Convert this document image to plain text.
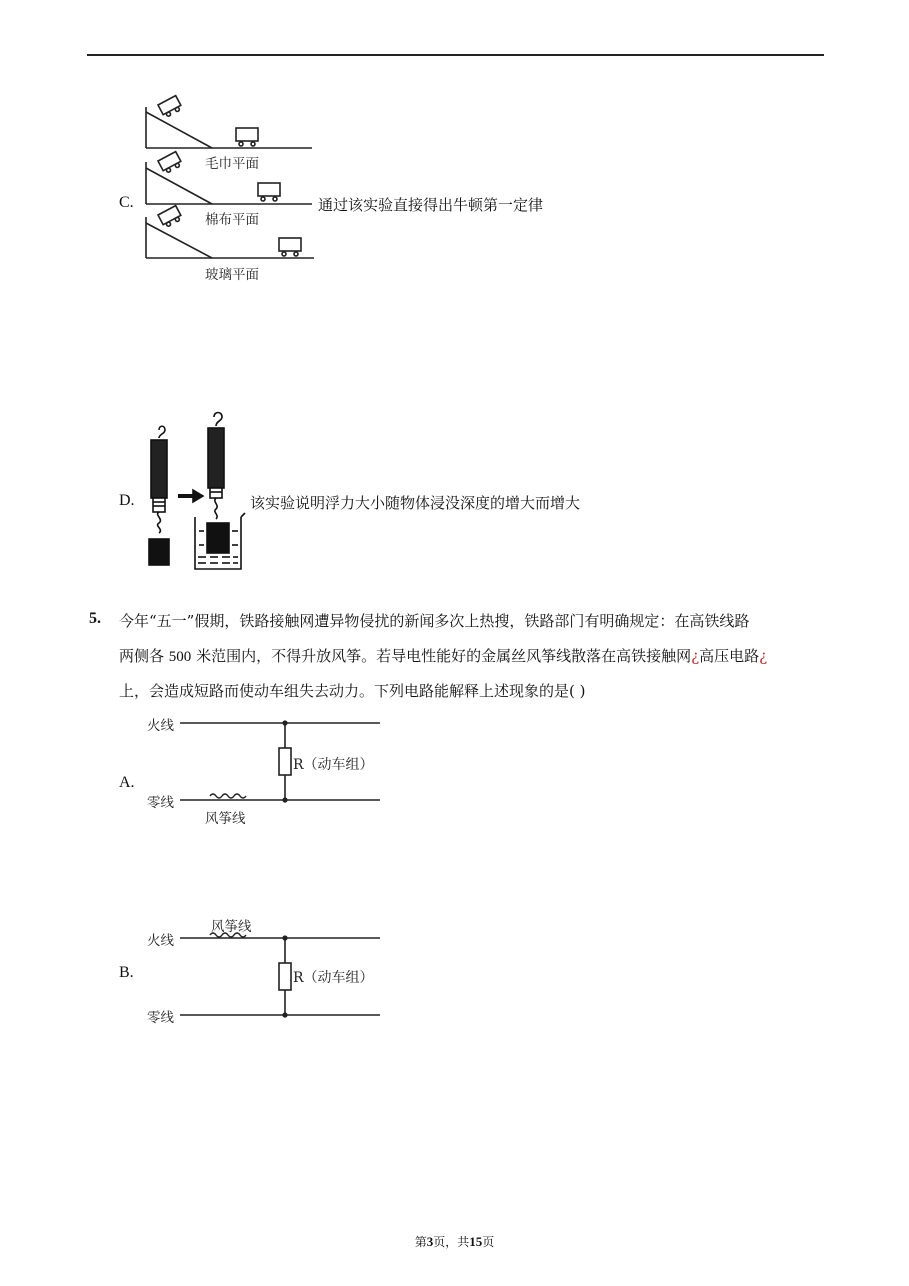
C.
毛巾平面
棉布平面
玻璃平面
通过该实验直接得出牛顿第一定律
D.	该实验说明浮力大小随物体浸没深度的增大而增大
5. 今年“五一”假期，铁路接触网遭异物侵扰的新闻多次上热搜，铁路部门有明确规定：在高铁线路
两侧各 500 米范围内，不得升放风筝。若导电性能好的金属丝风筝线散落在高铁接触网¿高压电路¿
上，会造成短路而使动车组失去动力。下列电路能解释上述现象的是( )
A.
火线
零线
风筝线
R（动车组）
B.
火线
零线
风筝线
R（动车组）
第3页，共15页
